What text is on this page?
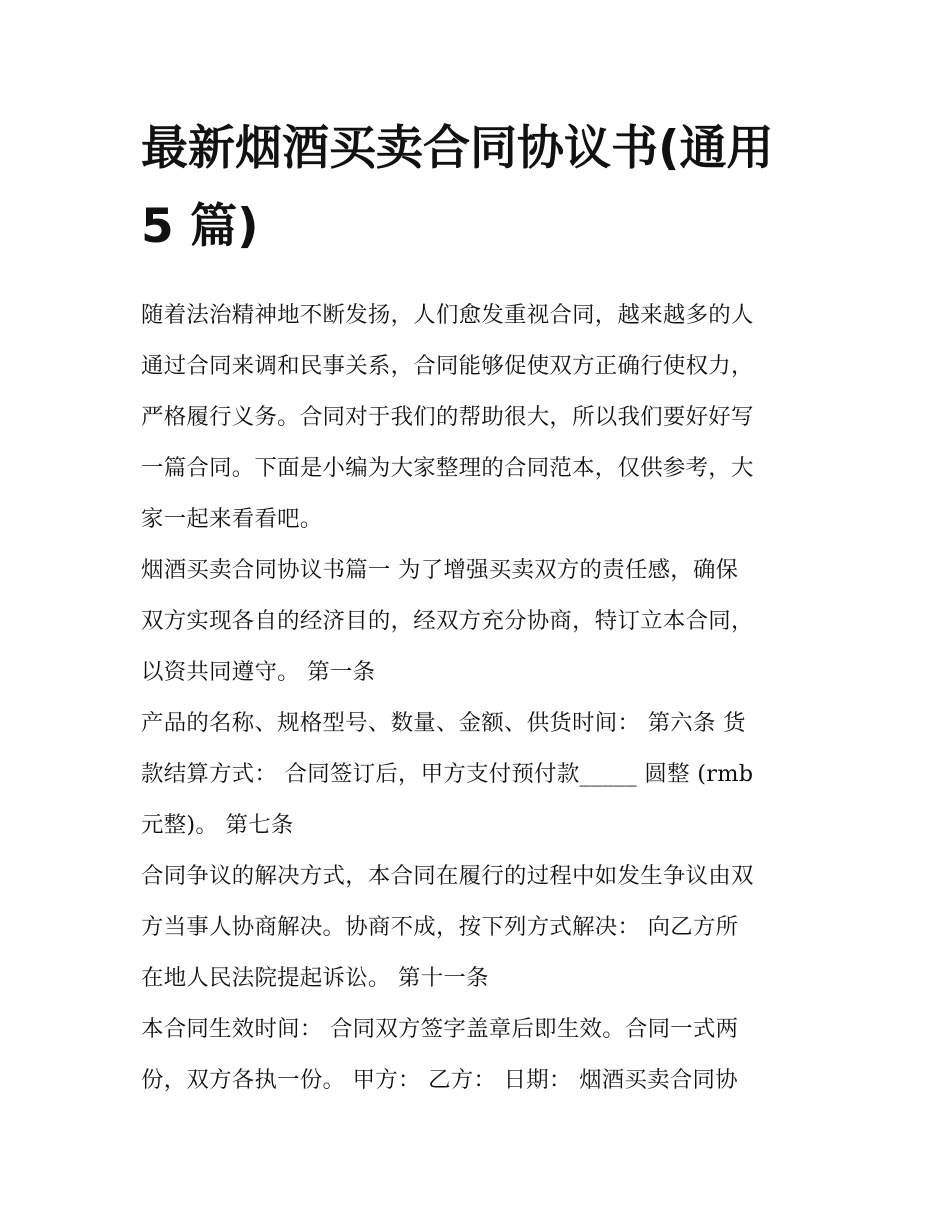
最新烟酒买卖合同协议书(通用
5 篇)

随着法治精神地不断发扬，人们愈发重视合同，越来越多的人
通过合同来调和民事关系，合同能够促使双方正确行使权力，
严格履行义务。合同对于我们的帮助很大，所以我们要好好写
一篇合同。下面是小编为大家整理的合同范本，仅供参考，大
家一起来看看吧。

烟酒买卖合同协议书篇一 为了增强买卖双方的责任感，确保
双方实现各自的经济目的，经双方充分协商，特订立本合同，
以资共同遵守。 第一条

产品的名称、规格型号、数量、金额、供货时间： 第六条 货
款结算方式： 合同签订后，甲方支付预付款_____ 圆整 (rmb
元整)。 第七条

合同争议的解决方式，本合同在履行的过程中如发生争议由双
方当事人协商解决。协商不成，按下列方式解决： 向乙方所
在地人民法院提起诉讼。 第十一条

本合同生效时间： 合同双方签字盖章后即生效。合同一式两
份，双方各执一份。 甲方： 乙方： 日期： 烟酒买卖合同协
